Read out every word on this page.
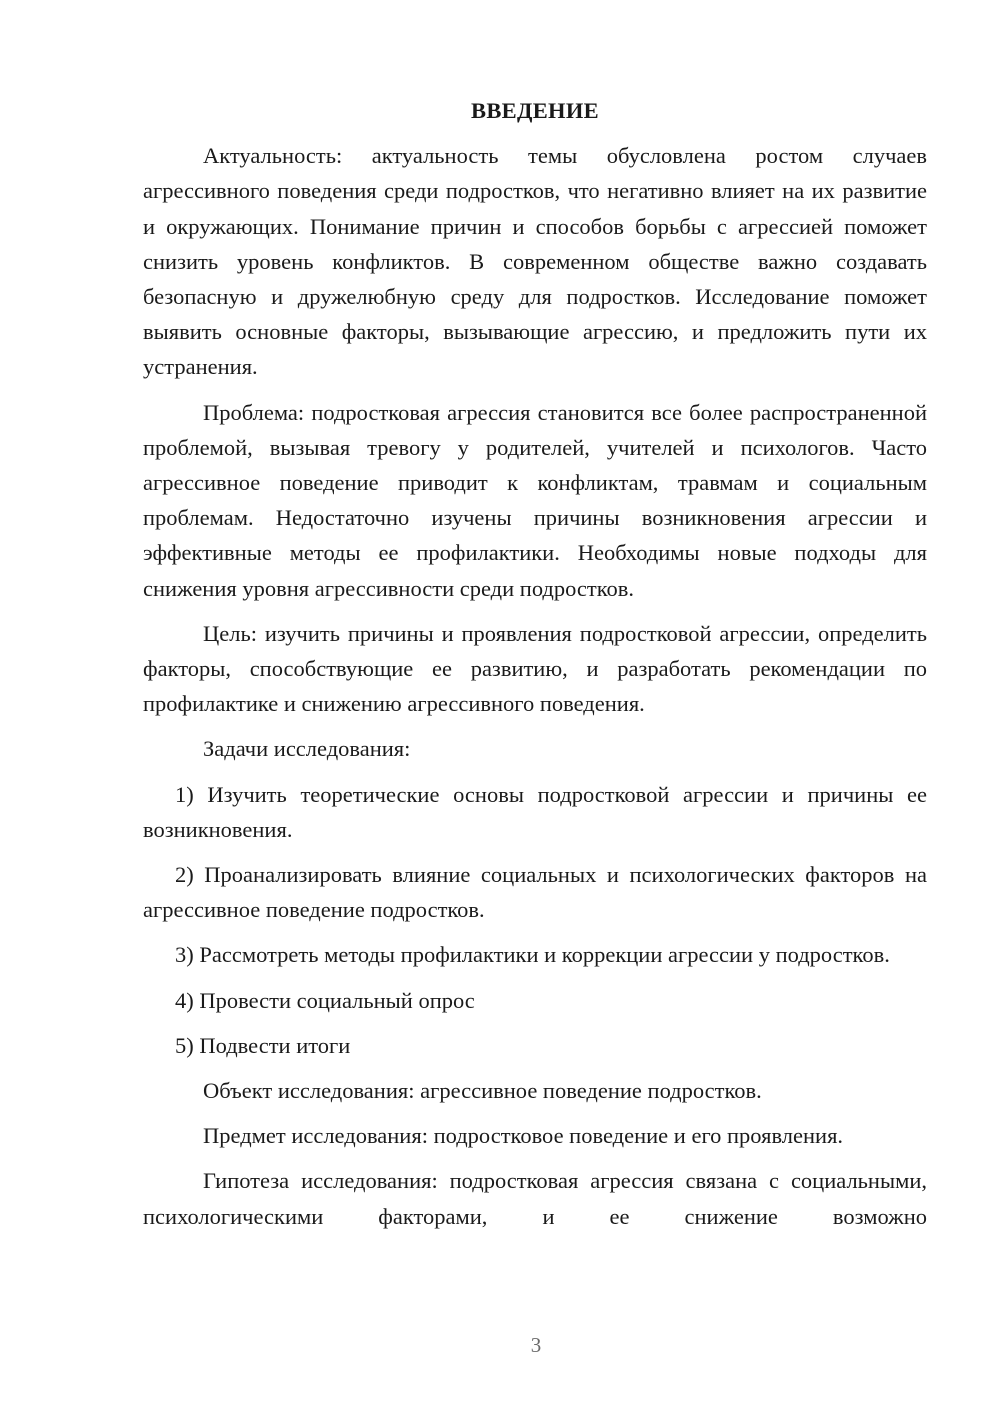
ВВЕДЕНИЕ

Актуальность: актуальность темы обусловлена ростом случаев агрессивного поведения среди подростков, что негативно влияет на их развитие и окружающих. Понимание причин и способов борьбы с агрессией поможет снизить уровень конфликтов. В современном обществе важно создавать безопасную и дружелюбную среду для подростков. Исследование поможет выявить основные факторы, вызывающие агрессию, и предложить пути их устранения.

Проблема: подростковая агрессия становится все более распространенной проблемой, вызывая тревогу у родителей, учителей и психологов. Часто агрессивное поведение приводит к конфликтам, травмам и социальным проблемам. Недостаточно изучены причины возникновения агрессии и эффективные методы ее профилактики. Необходимы новые подходы для снижения уровня агрессивности среди подростков.

Цель: изучить причины и проявления подростковой агрессии, определить факторы, способствующие ее развитию, и разработать рекомендации по профилактике и снижению агрессивного поведения.

Задачи исследования:

1) Изучить теоретические основы подростковой агрессии и причины ее возникновения.

2) Проанализировать влияние социальных и психологических факторов на агрессивное поведение подростков.

3) Рассмотреть методы профилактики и коррекции агрессии у подростков.

4) Провести социальный опрос

5) Подвести итоги

Объект исследования: агрессивное поведение подростков.

Предмет исследования: подростковое поведение и его проявления.

Гипотеза исследования: подростковая агрессия связана с социальными, психологическими факторами, и ее снижение возможно

3
